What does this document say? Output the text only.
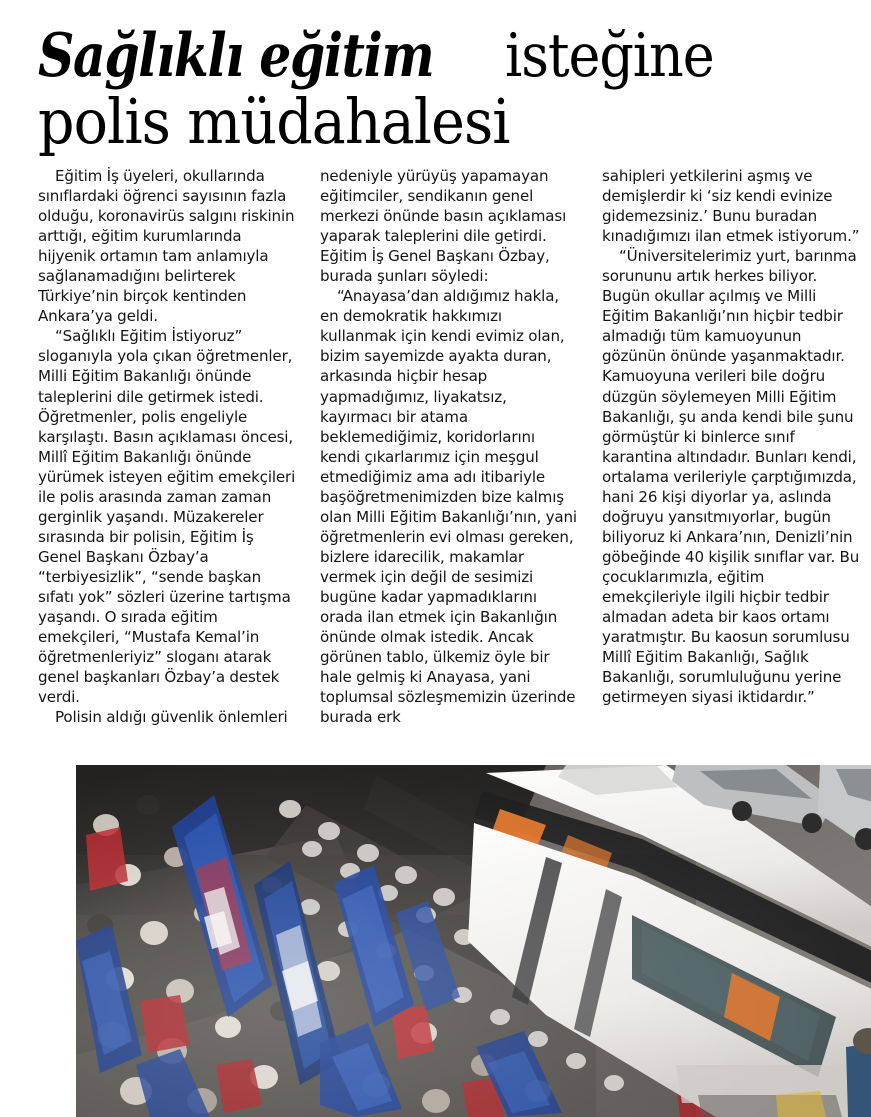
Sağlıklı eğitimisteğine
polis müdahalesi

Eğitim İş üyeleri, okullarında sınıflardaki öğrenci sayısının fazla olduğu, koronavirüs salgını riskinin arttığı, eğitim kurumlarında hijyenik ortamın tam anlamıyla sağlanamadığını belirterek Türkiye’nin birçok kentinden Ankara’ya geldi.

“Sağlıklı Eğitim İstiyoruz” sloganıyla yola çıkan öğretmenler, Milli Eğitim Bakanlığı önünde taleplerini dile getirmek istedi. Öğretmenler, polis engeliyle karşılaştı. Basın açıklaması öncesi, Millî Eğitim Bakanlığı önünde yürümek isteyen eğitim emekçileri ile polis arasında zaman zaman gerginlik yaşandı. Müzakereler sırasında bir polisin, Eğitim İş Genel Başkanı Özbay’a “terbiyesizlik”, “sende başkan sıfatı yok” sözleri üzerine tartışma yaşandı. O sırada eğitim emekçileri, “Mustafa Kemal’in öğretmenleriyiz” sloganı atarak genel başkanları Özbay’a destek verdi.

Polisin aldığı güvenlik önlemleri

nedeniyle yürüyüş yapamayan eğitimciler, sendikanın genel merkezi önünde basın açıklaması yaparak taleplerini dile getirdi. Eğitim İş Genel Başkanı Özbay, burada şunları söyledi:

“Anayasa’dan aldığımız hakla, en demokratik hakkımızı kullanmak için kendi evimiz olan, bizim sayemizde ayakta duran, arkasında hiçbir hesap yapmadığımız, liyakatsız, kayırmacı bir atama beklemediğimiz, koridorlarını kendi çıkarlarımız için meşgul etmediğimiz ama adı itibariyle başöğretmenimizden bize kalmış olan Milli Eğitim Bakanlığı’nın, yani öğretmenlerin evi olması gereken, bizlere idarecilik, makamlar vermek için değil de sesimizi bugüne kadar yapmadıklarını orada ilan etmek için Bakanlığın önünde olmak istedik. Ancak görünen tablo, ülkemiz öyle bir hale gelmiş ki Anayasa, yani toplumsal sözleşmemizin üzerinde burada erk

sahipleri yetkilerini aşmış ve demişlerdir ki ‘siz kendi evinize gidemezsiniz.’ Bunu buradan kınadığımızı ilan etmek istiyorum.”

“Üniversitelerimiz yurt, barınma sorununu artık herkes biliyor. Bugün okullar açılmış ve Milli Eğitim Bakanlığı’nın hiçbir tedbir almadığı tüm kamuoyunun gözünün önünde yaşanmaktadır. Kamuoyuna verileri bile doğru düzgün söylemeyen Milli Eğitim Bakanlığı, şu anda kendi bile şunu görmüştür ki binlerce sınıf karantina altındadır. Bunları kendi, ortalama verileriyle çarptığımızda, hani 26 kişi diyorlar ya, aslında doğruyu yansıtmıyorlar, bugün biliyoruz ki Ankara’nın, Denizli’nin göbeğinde 40 kişilik sınıflar var. Bu çocuklarımızla, eğitim emekçileriyle ilgili hiçbir tedbir almadan adeta bir kaos ortamı yaratmıştır. Bu kaosun sorumlusu Millî Eğitim Bakanlığı, Sağlık Bakanlığı, sorumluluğunu yerine getirmeyen siyasi iktidardır.”
